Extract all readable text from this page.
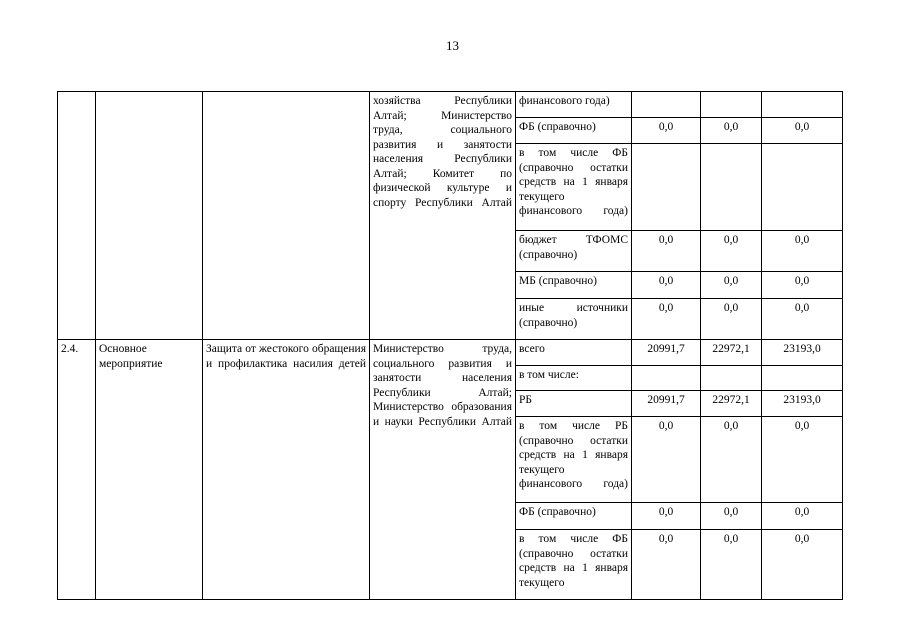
13
			хозяйства Республики Алтай; Министерство труда, социального развития и занятости населения Республики Алтай; Комитет по физической культуре и спорту Республики Алтай	финансового года)			
				ФБ (справочно)	0,0	0,0	0,0
				в том числе ФБ (справочно остатки средств на 1 января текущего финансового года)			
				бюджет ТФОМС (справочно)	0,0	0,0	0,0
				МБ (справочно)	0,0	0,0	0,0
				иные источники (справочно)	0,0	0,0	0,0
2.4.	Основное мероприятие	Защита от жестокого обращения и профилактика насилия детей	Министерство труда, социального развития и занятости населения Республики Алтай; Министерство образования и науки Республики Алтай	всего	20991,7	22972,1	23193,0
				в том числе:			
				РБ	20991,7	22972,1	23193,0
				в том числе РБ (справочно остатки средств на 1 января текущего финансового года)	0,0	0,0	0,0
				ФБ (справочно)	0,0	0,0	0,0
				в том числе ФБ (справочно остатки средств на 1 января текущего	0,0	0,0	0,0
